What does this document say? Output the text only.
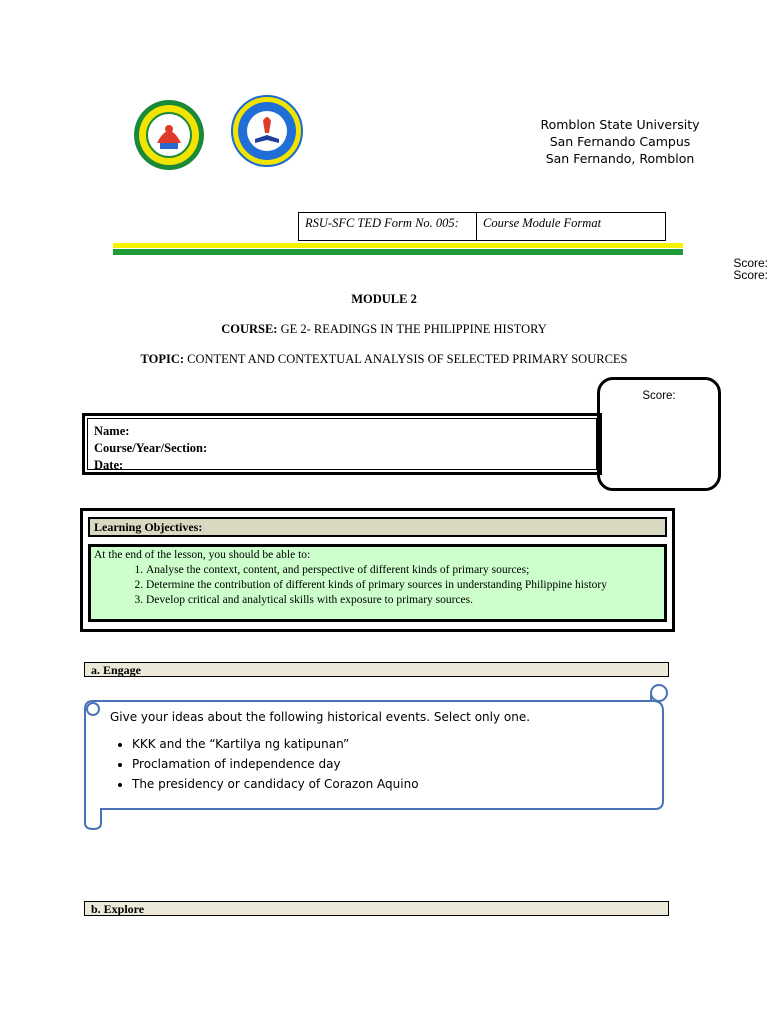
Romblon State University
San Fernando Campus
San Fernando, Romblon
RSU-SFC TED Form No. 005:	Course Module Format
Score:
Score:
MODULE 2
COURSE: GE 2- READINGS IN THE PHILIPPINE HISTORY
TOPIC: CONTENT AND CONTEXTUAL ANALYSIS OF SELECTED PRIMARY SOURCES
Score:
Name:
Course/Year/Section:
Date:
Learning Objectives:
At the end of the lesson, you should be able to:
1. Analyse the context, content, and perspective of different kinds of primary sources;
2. Determine the contribution of different kinds of primary sources in understanding Philippine history
3. Develop critical and analytical skills with exposure to primary sources.
a. Engage

Give your ideas about the following historical events. Select only one.

• KKK and the “Kartilya ng katipunan”
• Proclamation of independence day
• The presidency or candidacy of Corazon Aquino
b. Explore
